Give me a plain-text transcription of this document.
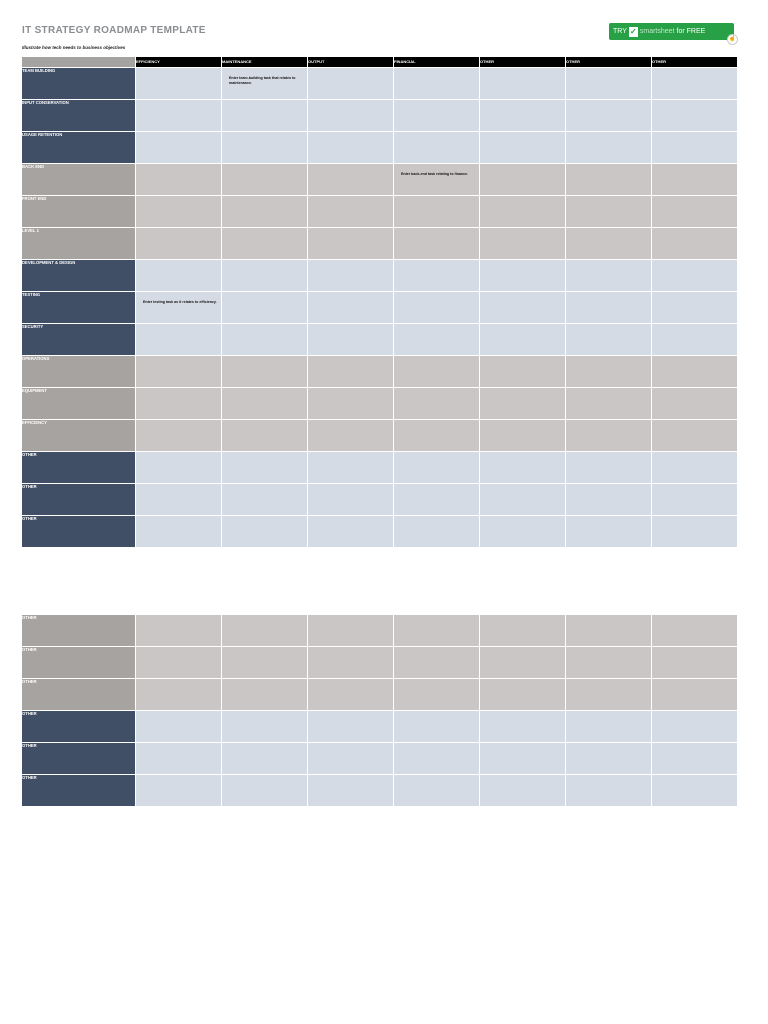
IT STRATEGY ROADMAP TEMPLATE
Illustrate how tech needs to business objectives
TRY ✓ smartsheet for FREE
☝
	EFFICIENCY	MAINTENANCE	OUTPUT	FINANCIAL	OTHER	OTHER	OTHER
TEAM BUILDING		Enter team-building task that relates to maintenance.					

INPUT CONSERVATION	

USAGE RETENTION	

BACK END				Enter back-end task relating to finance.			

FRONT END	

LEVEL 1	

DEVELOPMENT & DESIGN	

TESTING	Enter testing task as it relates to efficiency.						

SECURITY	

OPERATIONS	

EQUIPMENT	

EFFICIENCY	

OTHER	

OTHER	

OTHER	

OTHER	

OTHER	

OTHER	

OTHER	

OTHER	

OTHER	
